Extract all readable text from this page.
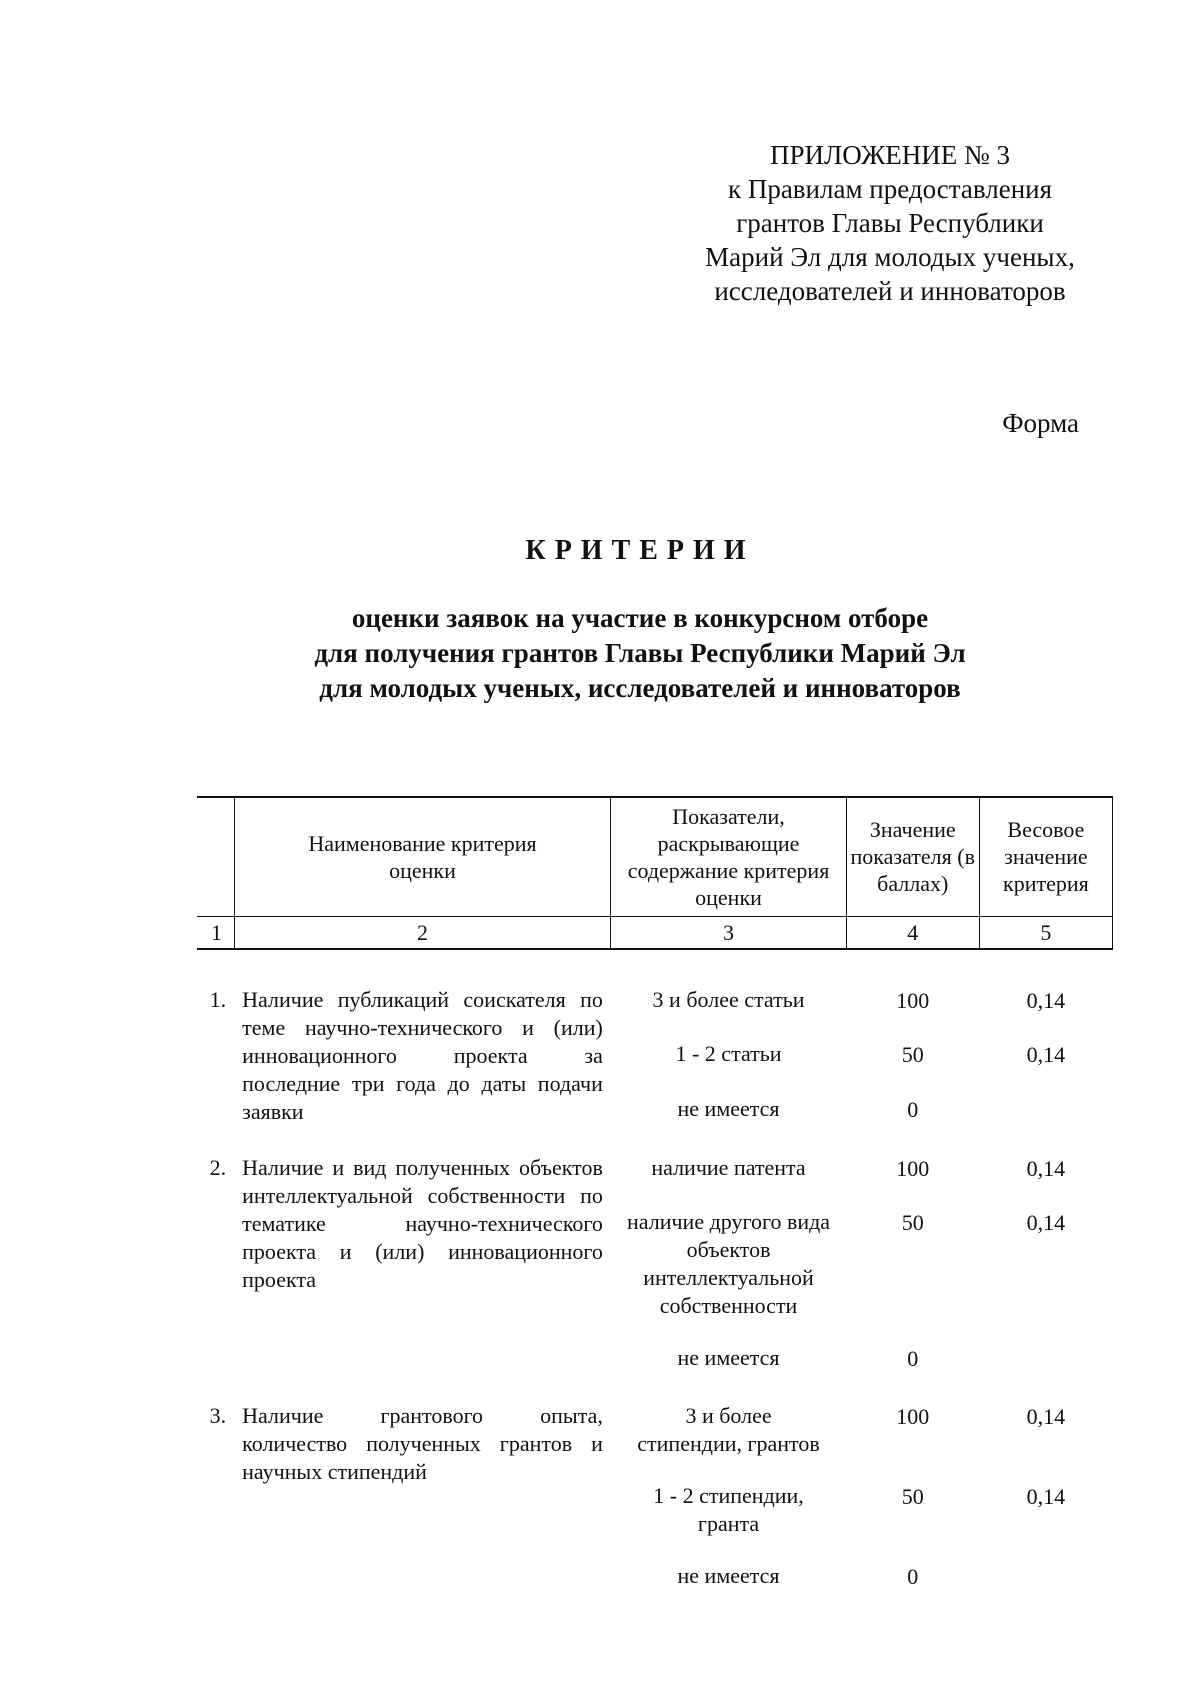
ПРИЛОЖЕНИЕ № 3
к Правилам предоставления
грантов Главы Республики
Марий Эл для молодых ученых,
исследователей и инноваторов
Форма
КРИТЕРИИ
оценки заявок на участие в конкурсном отборе
для получения грантов Главы Республики Марий Эл
для молодых ученых, исследователей и инноваторов
	Наименование критерия оценки	Показатели, раскрывающие содержание критерия оценки	Значение показателя (в баллах)	Весовое значение критерия
1	2	3	4	5

1.	Наличие публикаций соискателя по теме научно-технического и (или) инновационного проекта за последние три года до даты подачи заявки	3 и более статьи	100	0,14

		1 - 2 статьи	50	0,14

		не имеется	0	

2.	Наличие и вид полученных объектов интеллектуальной собственности по тематике научно-технического проекта и (или) инновационного проекта	наличие патента	100	0,14

		наличие другого вида объектов интеллектуальной собственности	50	0,14

		не имеется	0	

3.	Наличие грантового опыта, количество полученных грантов и научных стипендий	3 и более стипендии, грантов	100	0,14

		1 - 2 стипендии, гранта	50	0,14

		не имеется	0	
